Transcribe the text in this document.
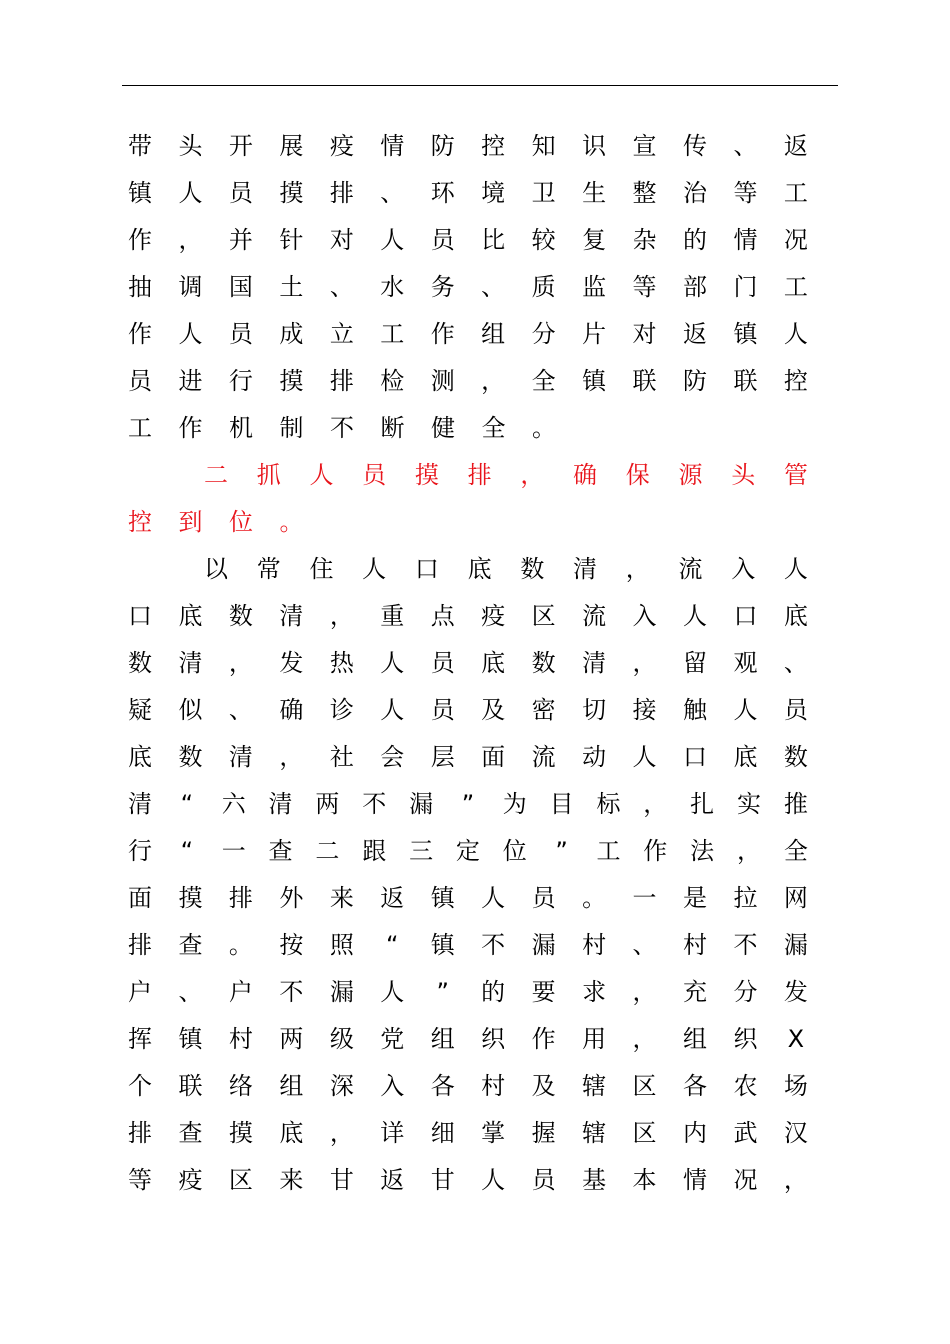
带 头 开 展 疫 情 防 控 知 识 宣 传 、 返
镇 人 员 摸 排 、 环 境 卫 生 整 治 等 工
作 ， 并 针 对 人 员 比 较 复 杂 的 情 况
抽 调 国 土 、 水 务 、 质 监 等 部 门 工
作 人 员 成 立 工 作 组 分 片 对 返 镇 人
员 进 行 摸 排 检 测 ， 全 镇 联 防 联 控
工 作 机 制 不 断 健 全 。
二 抓 人 员 摸 排 ， 确 保 源 头 管
控 到 位 。
以 常 住 人 口 底 数 清 ， 流 入 人
口 底 数 清 ， 重 点 疫 区 流 入 人 口 底
数 清 ， 发 热 人 员 底 数 清 ， 留 观 、
疑 似 、 确 诊 人 员 及 密 切 接 触 人 员
底 数 清 ， 社 会 层 面 流 动 人 口 底 数
清 “ 六 清 两 不 漏 ” 为 目 标 ， 扎 实 推
行 “ 一 查 二 跟 三 定 位 ” 工 作 法 ， 全
面 摸 排 外 来 返 镇 人 员 。 一 是 拉 网
排 查 。 按 照 “ 镇 不 漏 村 、 村 不 漏
户 、 户 不 漏 人 ” 的 要 求 ， 充 分 发
挥 镇 村 两 级 党 组 织 作 用 ， 组 织 X
个 联 络 组 深 入 各 村 及 辖 区 各 农 场
排 查 摸 底 ， 详 细 掌 握 辖 区 内 武 汉
等 疫 区 来 甘 返 甘 人 员 基 本 情 况 ，
